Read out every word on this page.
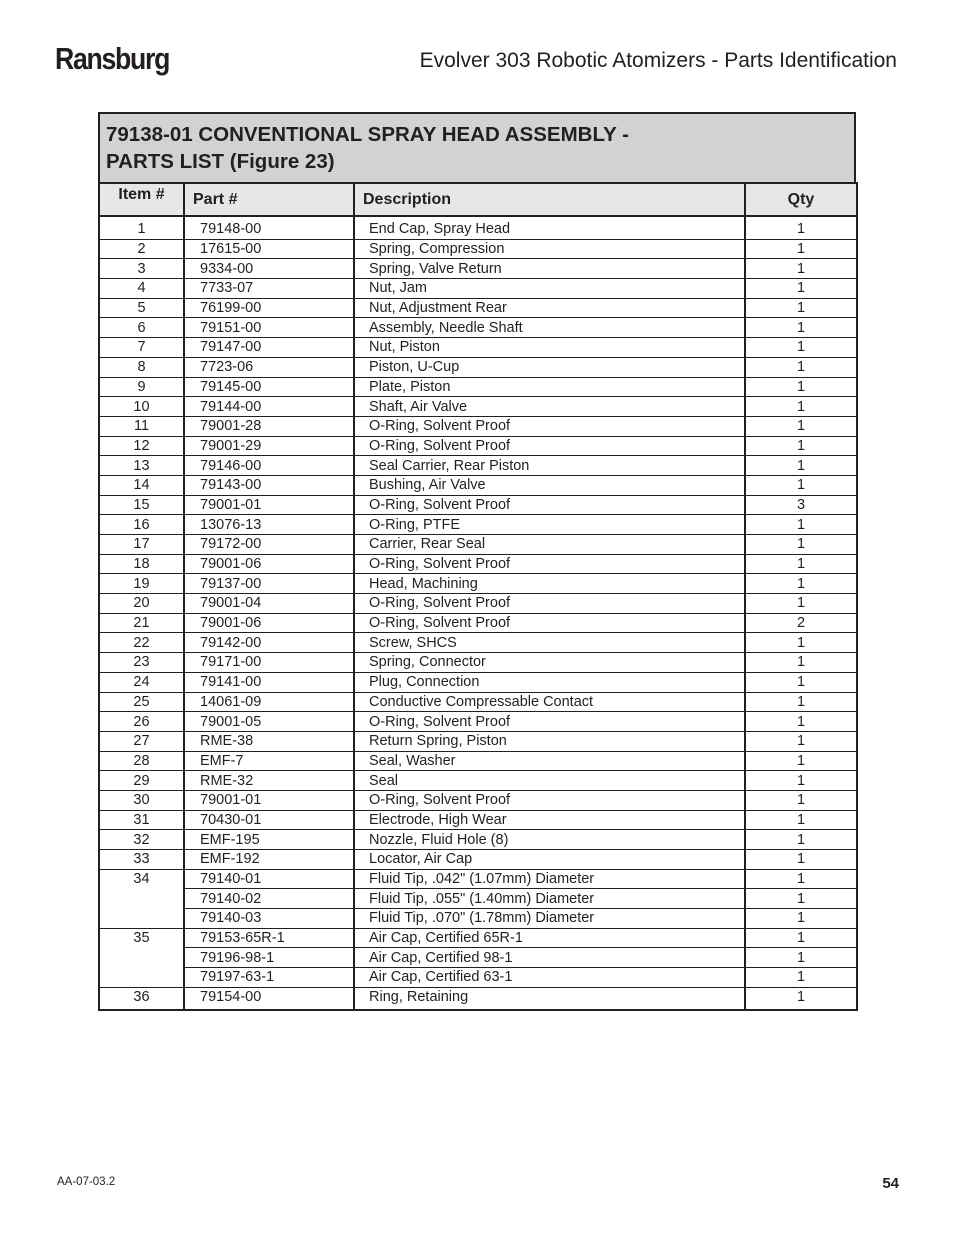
Ransburg	Evolver 303 Robotic Atomizers - Parts Identification
79138-01 CONVENTIONAL SPRAY HEAD ASSEMBLY -
PARTS LIST (Figure 23)
Item #	Part #	Description	Qty
1	79148-00	End Cap, Spray Head	1
2	17615-00	Spring, Compression	1
3	9334-00	Spring, Valve Return	1
4	7733-07	Nut, Jam	1
5	76199-00	Nut, Adjustment Rear	1
6	79151-00	Assembly, Needle Shaft	1
7	79147-00	Nut, Piston	1
8	7723-06	Piston, U-Cup	1
9	79145-00	Plate, Piston	1
10	79144-00	Shaft, Air Valve	1
11	79001-28	O-Ring, Solvent Proof	1
12	79001-29	O-Ring, Solvent Proof	1
13	79146-00	Seal Carrier, Rear Piston	1
14	79143-00	Bushing, Air Valve	1
15	79001-01	O-Ring, Solvent Proof	3
16	13076-13	O-Ring, PTFE	1
17	79172-00	Carrier, Rear Seal	1
18	79001-06	O-Ring, Solvent Proof	1
19	79137-00	Head, Machining	1
20	79001-04	O-Ring, Solvent Proof	1
21	79001-06	O-Ring, Solvent Proof	2
22	79142-00	Screw, SHCS	1
23	79171-00	Spring, Connector	1
24	79141-00	Plug, Connection	1
25	14061-09	Conductive Compressable Contact	1
26	79001-05	O-Ring, Solvent Proof	1
27	RME-38	Return Spring, Piston	1
28	EMF-7	Seal, Washer	1
29	RME-32	Seal	1
30	79001-01	O-Ring, Solvent Proof	1
31	70430-01	Electrode, High Wear	1
32	EMF-195	Nozzle, Fluid Hole (8)	1
33	EMF-192	Locator, Air Cap	1
34	79140-01	Fluid Tip, .042" (1.07mm) Diameter	1
	79140-02	Fluid Tip, .055" (1.40mm) Diameter	1
	79140-03	Fluid Tip, .070" (1.78mm) Diameter	1
35	79153-65R-1	Air Cap, Certified 65R-1	1
	79196-98-1	Air Cap, Certified 98-1	1
	79197-63-1	Air Cap, Certified 63-1	1
36	79154-00	Ring, Retaining	1
AA-07-03.2	54
